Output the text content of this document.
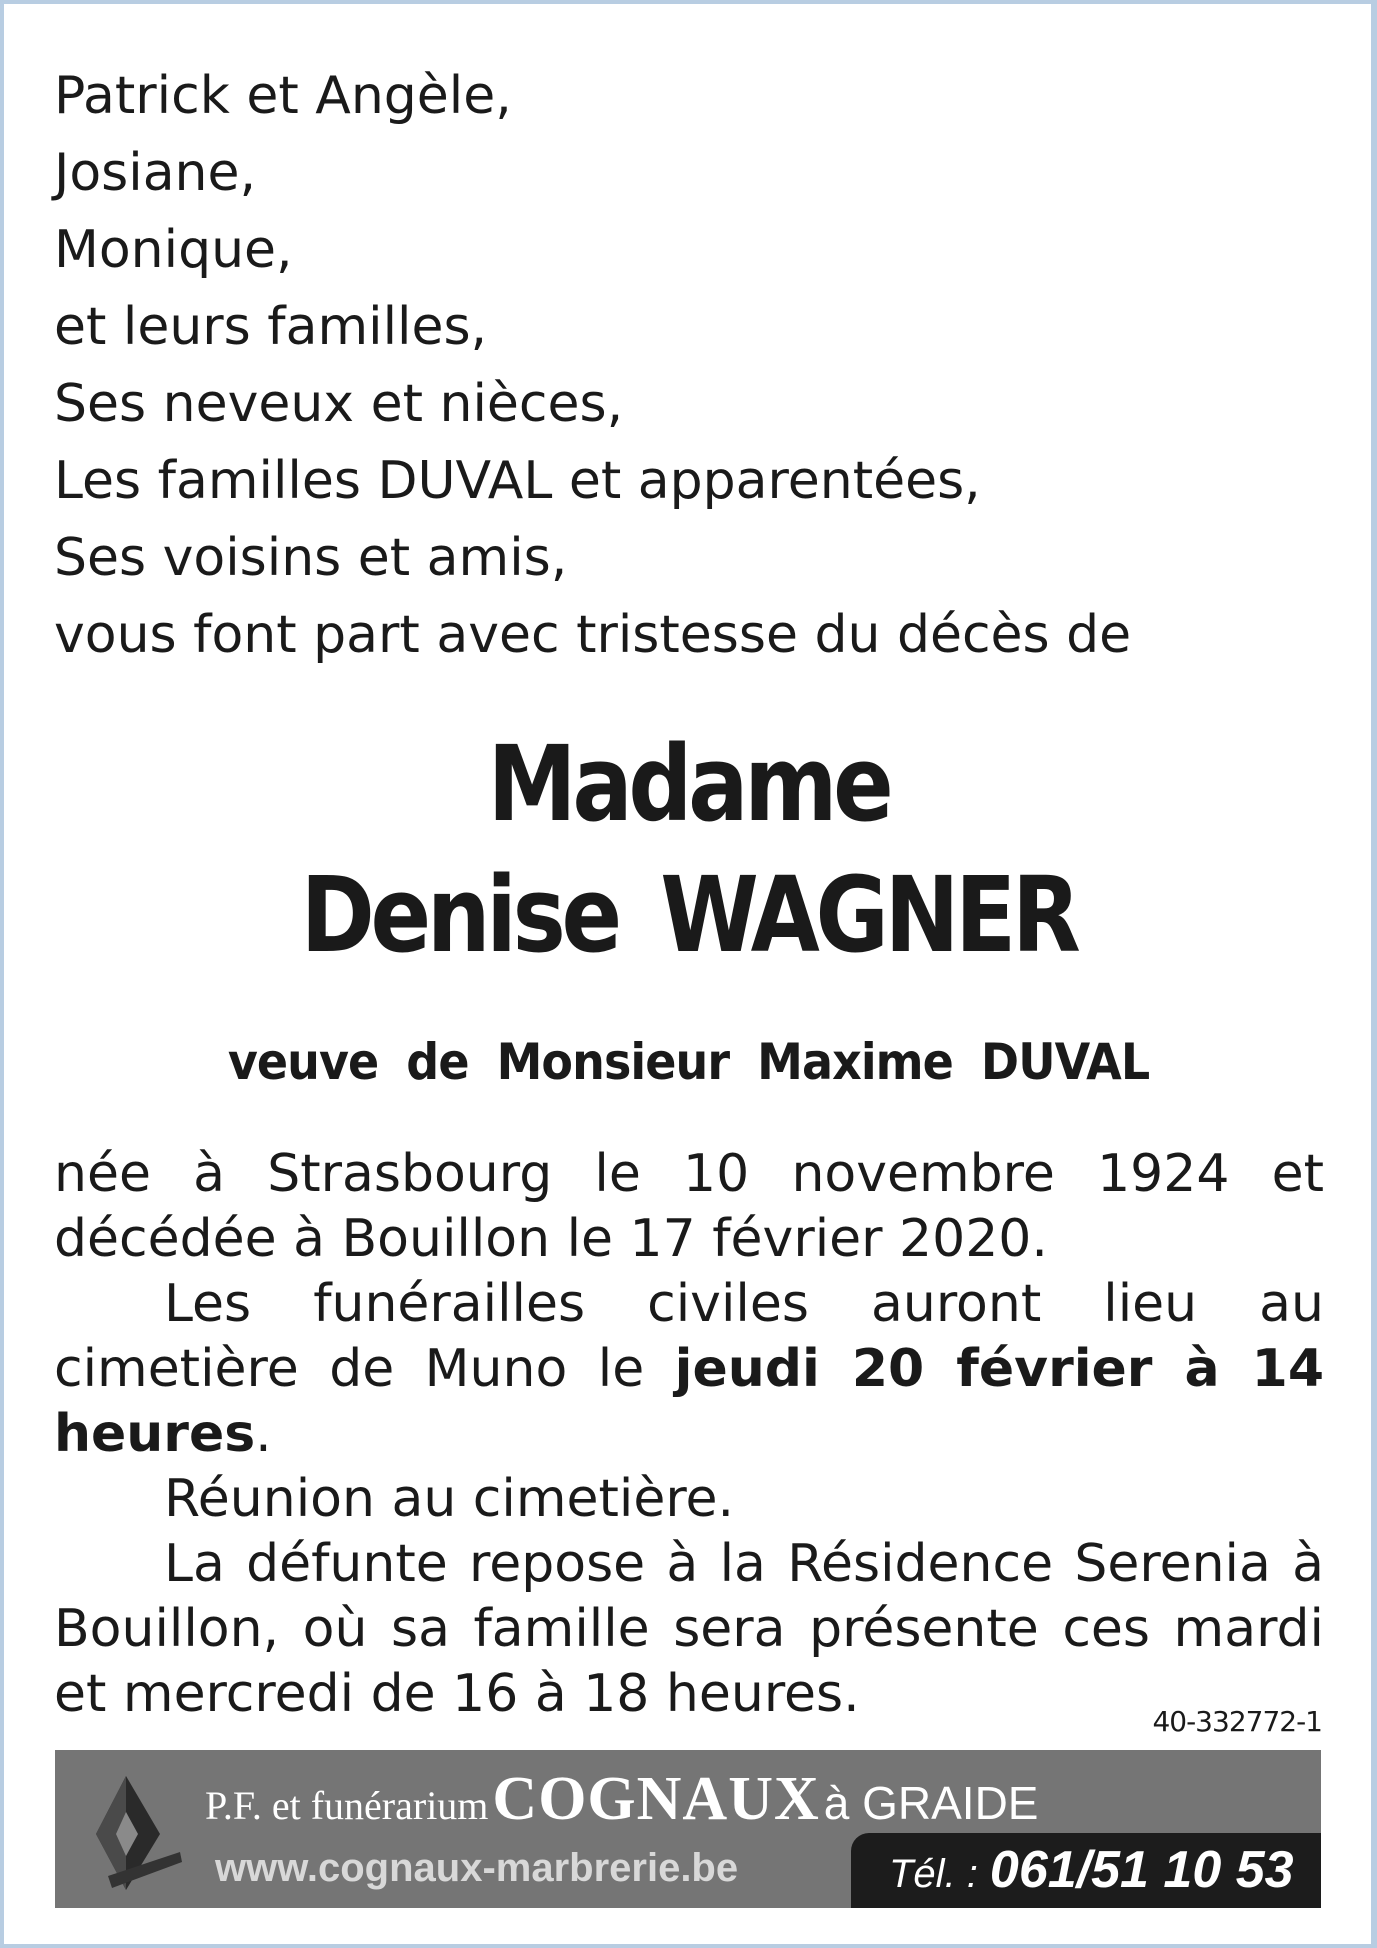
Patrick et Angèle,
Josiane,
Monique,
et leurs familles,
Ses neveux et nièces,
Les familles DUVAL et apparentées,
Ses voisins et amis,
vous font part avec tristesse du décès de
Madame
Denise WAGNER
veuve de Monsieur Maxime DUVAL

née à Strasbourg le 10 novembre 1924 et décédée à Bouillon le 17 février 2020.

Les funérailles civiles auront lieu au cimetière de Muno le jeudi 20 février à 14 heures.

Réunion au cimetière.

La défunte repose à la Résidence Serenia à Bouillon, où sa famille sera présente ces mardi et mercredi de 16 à 18 heures.	40-332772-1
P.F. et funérarium COGNAUX à GRAIDE
www.cognaux-marbrerie.be	Tél. : 061/51 10 53
